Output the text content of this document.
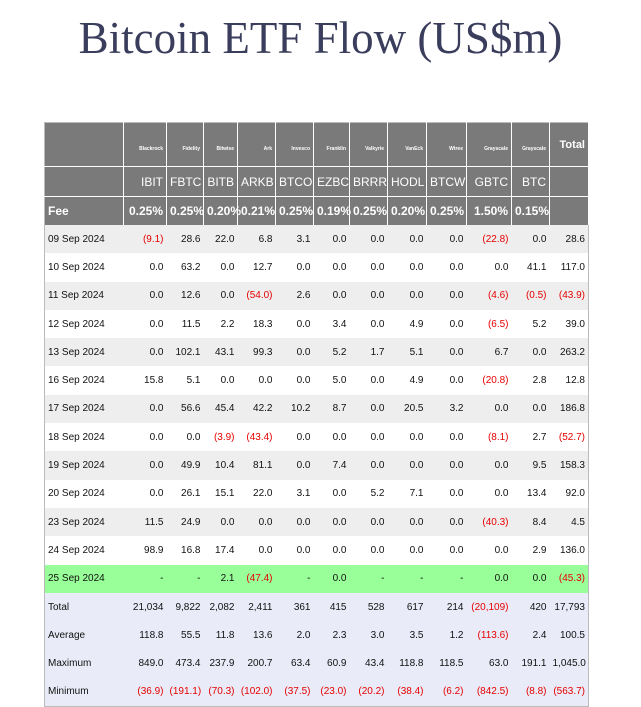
Bitcoin ETF Flow (US$m)
	Blackrock	Fidelity	Bitwise	Ark	Invesco	Franklin	Valkyrie	VanEck	Wtree	Grayscale	Grayscale	Total
	IBIT	FBTC	BITB	ARKB	BTCO	EZBC	BRRR	HODL	BTCW	GBTC	BTC	
Fee	0.25%	0.25%	0.20%	0.21%	0.25%	0.19%	0.25%	0.20%	0.25%	1.50%	0.15%	
09 Sep 2024	(9.1)	28.6	22.0	6.8	3.1	0.0	0.0	0.0	0.0	(22.8)	0.0	28.6
10 Sep 2024	0.0	63.2	0.0	12.7	0.0	0.0	0.0	0.0	0.0	0.0	41.1	117.0
11 Sep 2024	0.0	12.6	0.0	(54.0)	2.6	0.0	0.0	0.0	0.0	(4.6)	(0.5)	(43.9)
12 Sep 2024	0.0	11.5	2.2	18.3	0.0	3.4	0.0	4.9	0.0	(6.5)	5.2	39.0
13 Sep 2024	0.0	102.1	43.1	99.3	0.0	5.2	1.7	5.1	0.0	6.7	0.0	263.2
16 Sep 2024	15.8	5.1	0.0	0.0	0.0	5.0	0.0	4.9	0.0	(20.8)	2.8	12.8
17 Sep 2024	0.0	56.6	45.4	42.2	10.2	8.7	0.0	20.5	3.2	0.0	0.0	186.8
18 Sep 2024	0.0	0.0	(3.9)	(43.4)	0.0	0.0	0.0	0.0	0.0	(8.1)	2.7	(52.7)
19 Sep 2024	0.0	49.9	10.4	81.1	0.0	7.4	0.0	0.0	0.0	0.0	9.5	158.3
20 Sep 2024	0.0	26.1	15.1	22.0	3.1	0.0	5.2	7.1	0.0	0.0	13.4	92.0
23 Sep 2024	11.5	24.9	0.0	0.0	0.0	0.0	0.0	0.0	0.0	(40.3)	8.4	4.5
24 Sep 2024	98.9	16.8	17.4	0.0	0.0	0.0	0.0	0.0	0.0	0.0	2.9	136.0
25 Sep 2024	-	-	2.1	(47.4)	-	0.0	-	-	-	0.0	0.0	(45.3)
Total	21,034	9,822	2,082	2,411	361	415	528	617	214	(20,109)	420	17,793
Average	118.8	55.5	11.8	13.6	2.0	2.3	3.0	3.5	1.2	(113.6)	2.4	100.5
Maximum	849.0	473.4	237.9	200.7	63.4	60.9	43.4	118.8	118.5	63.0	191.1	1,045.0
Minimum	(36.9)	(191.1)	(70.3)	(102.0)	(37.5)	(23.0)	(20.2)	(38.4)	(6.2)	(842.5)	(8.8)	(563.7)
